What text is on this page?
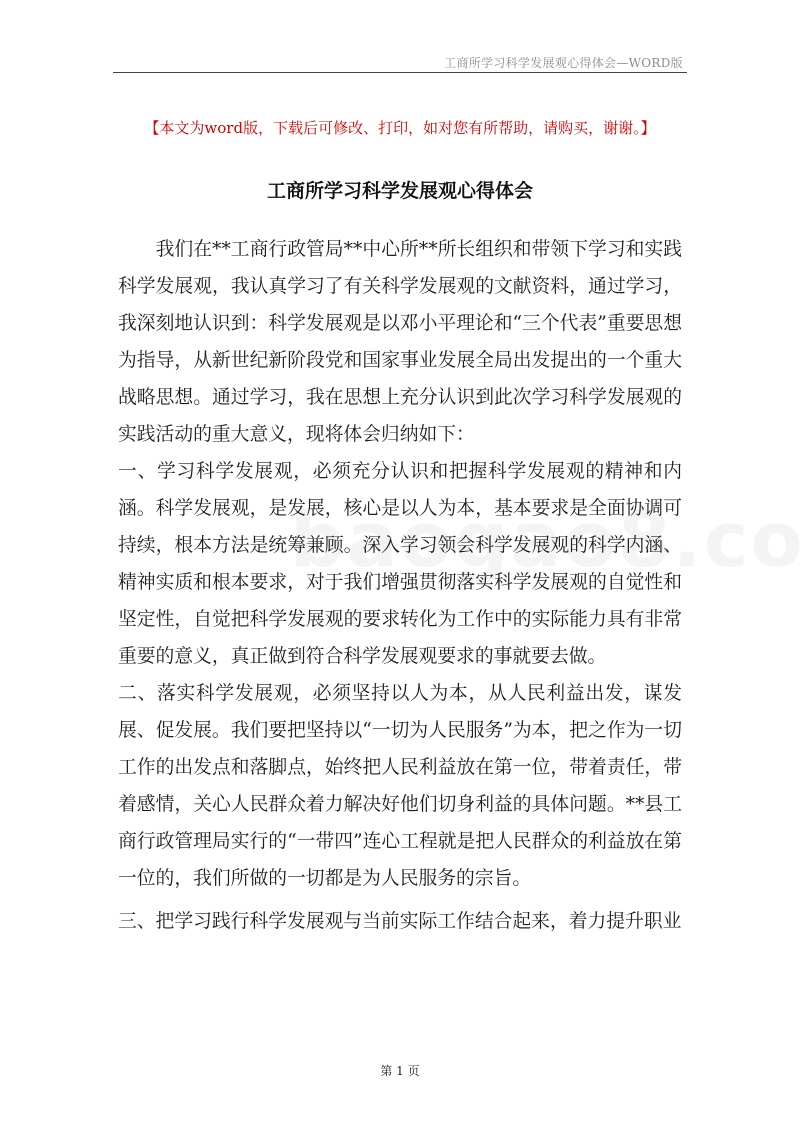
工商所学习科学发展观心得体会—WORD版
【本文为word版，下载后可修改、打印，如对您有所帮助，请购买，谢谢。】
工商所学习科学发展观心得体会

我们在**工商行政管局**中心所**所长组织和带领下学习和实践科学发展观，我认真学习了有关科学发展观的文献资料，通过学习，我深刻地认识到：科学发展观是以邓小平理论和“三个代表”重要思想为指导，从新世纪新阶段党和国家事业发展全局出发提出的一个重大战略思想。通过学习，我在思想上充分认识到此次学习科学发展观的实践活动的重大意义，现将体会归纳如下：

一、学习科学发展观，必须充分认识和把握科学发展观的精神和内涵。科学发展观，是发展，核心是以人为本，基本要求是全面协调可持续，根本方法是统筹兼顾。深入学习领会科学发展观的科学内涵、精神实质和根本要求，对于我们增强贯彻落实科学发展观的自觉性和坚定性，自觉把科学发展观的要求转化为工作中的实际能力具有非常重要的意义，真正做到符合科学发展观要求的事就要去做。

二、落实科学发展观，必须坚持以人为本，从人民利益出发，谋发展、促发展。我们要把坚持以“一切为人民服务”为本，把之作为一切工作的出发点和落脚点，始终把人民利益放在第一位，带着责任，带着感情，关心人民群众着力解决好他们切身利益的具体问题。**县工商行政管理局实行的“一带四”连心工程就是把人民群众的利益放在第一位的，我们所做的一切都是为人民服务的宗旨。

三、把学习践行科学发展观与当前实际工作结合起来，着力提升职业

第 1 页
